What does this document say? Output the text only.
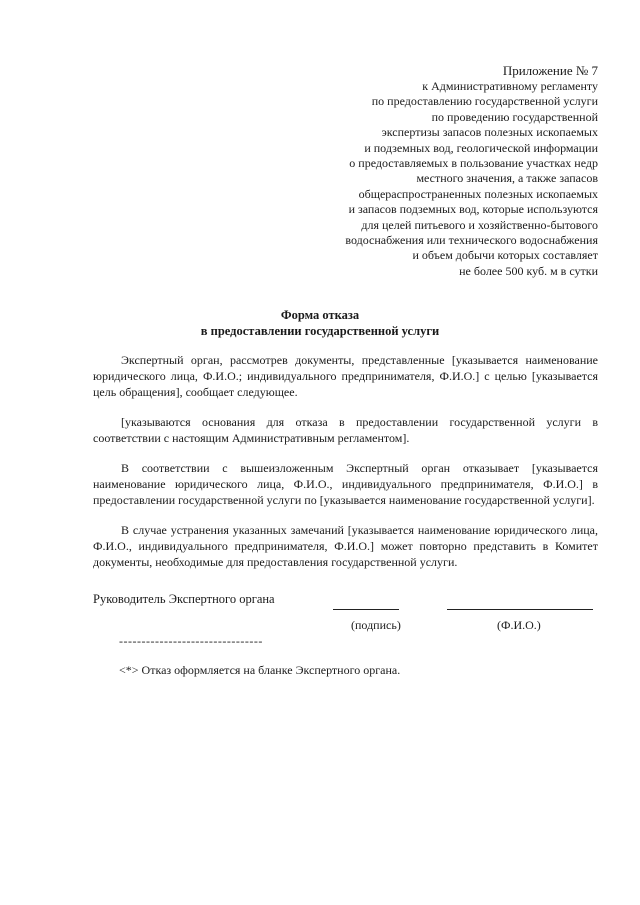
Приложение № 7
к Административному регламенту
по предоставлению государственной услуги
по проведению государственной
экспертизы запасов полезных ископаемых
и подземных вод, геологической информации
о предоставляемых в пользование участках недр
местного значения, а также запасов
общераспространенных полезных ископаемых
и запасов подземных вод, которые используются
для целей питьевого и хозяйственно-бытового
водоснабжения или технического водоснабжения
и объем добычи которых составляет
не более 500 куб. м в сутки
Форма отказа
в предоставлении государственной услуги

Экспертный орган, рассмотрев документы, представленные [указывается наименование юридического лица, Ф.И.О.; индивидуального предпринимателя, Ф.И.О.] с целью [указывается цель обращения], сообщает следующее.

[указываются основания для отказа в предоставлении государственной услуги в соответствии с настоящим Административным регламентом].

В соответствии с вышеизложенным Экспертный орган отказывает [указывается наименование юридического лица, Ф.И.О., индивидуального предпринимателя, Ф.И.О.] в предоставлении государственной услуги по [указывается наименование государственной услуги].

В случае устранения указанных замечаний [указывается наименование юридического лица, Ф.И.О., индивидуального предпринимателя, Ф.И.О.] может повторно представить в Комитет документы, необходимые для предоставления государственной услуги.

Руководитель Экспертного органа
(подпись)	(Ф.И.О.)
--------------------------------
<*> Отказ оформляется на бланке Экспертного органа.
